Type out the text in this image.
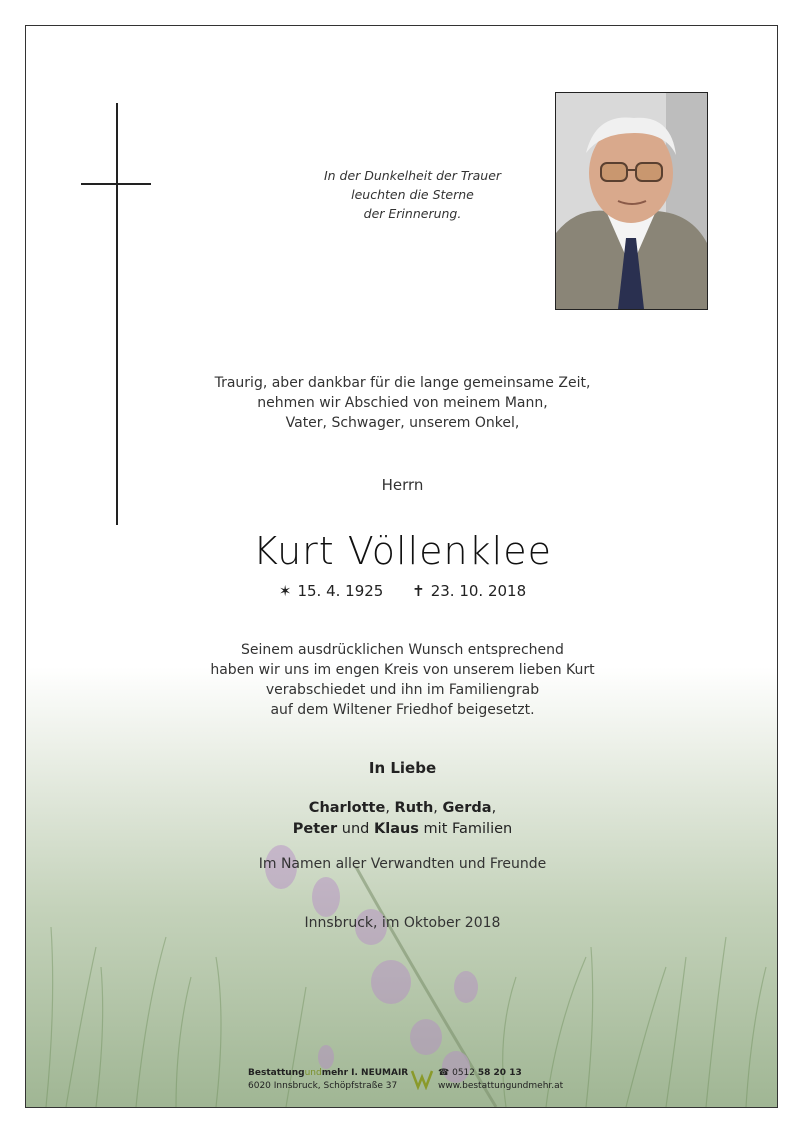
In der Dunkelheit der Trauer
leuchten die Sterne
der Erinnerung.
Traurig, aber dankbar für die lange gemeinsame Zeit,
nehmen wir Abschied von meinem Mann,
Vater, Schwager, unserem Onkel,
Herrn
Kurt Völlenklee
✶ 15. 4. 1925 ✝ 23. 10. 2018
Seinem ausdrücklichen Wunsch entsprechend
haben wir uns im engen Kreis von unserem lieben Kurt
verabschiedet und ihn im Familiengrab
auf dem Wiltener Friedhof beigesetzt.
In Liebe
Charlotte, Ruth, Gerda,
Peter und Klaus mit Familien
Im Namen aller Verwandten und Freunde
Innsbruck, im Oktober 2018
Bestattungundmehr I. NEUMAIR
6020 Innsbruck, Schöpfstraße 37
☎ 0512 58 20 13
www.bestattungundmehr.at
